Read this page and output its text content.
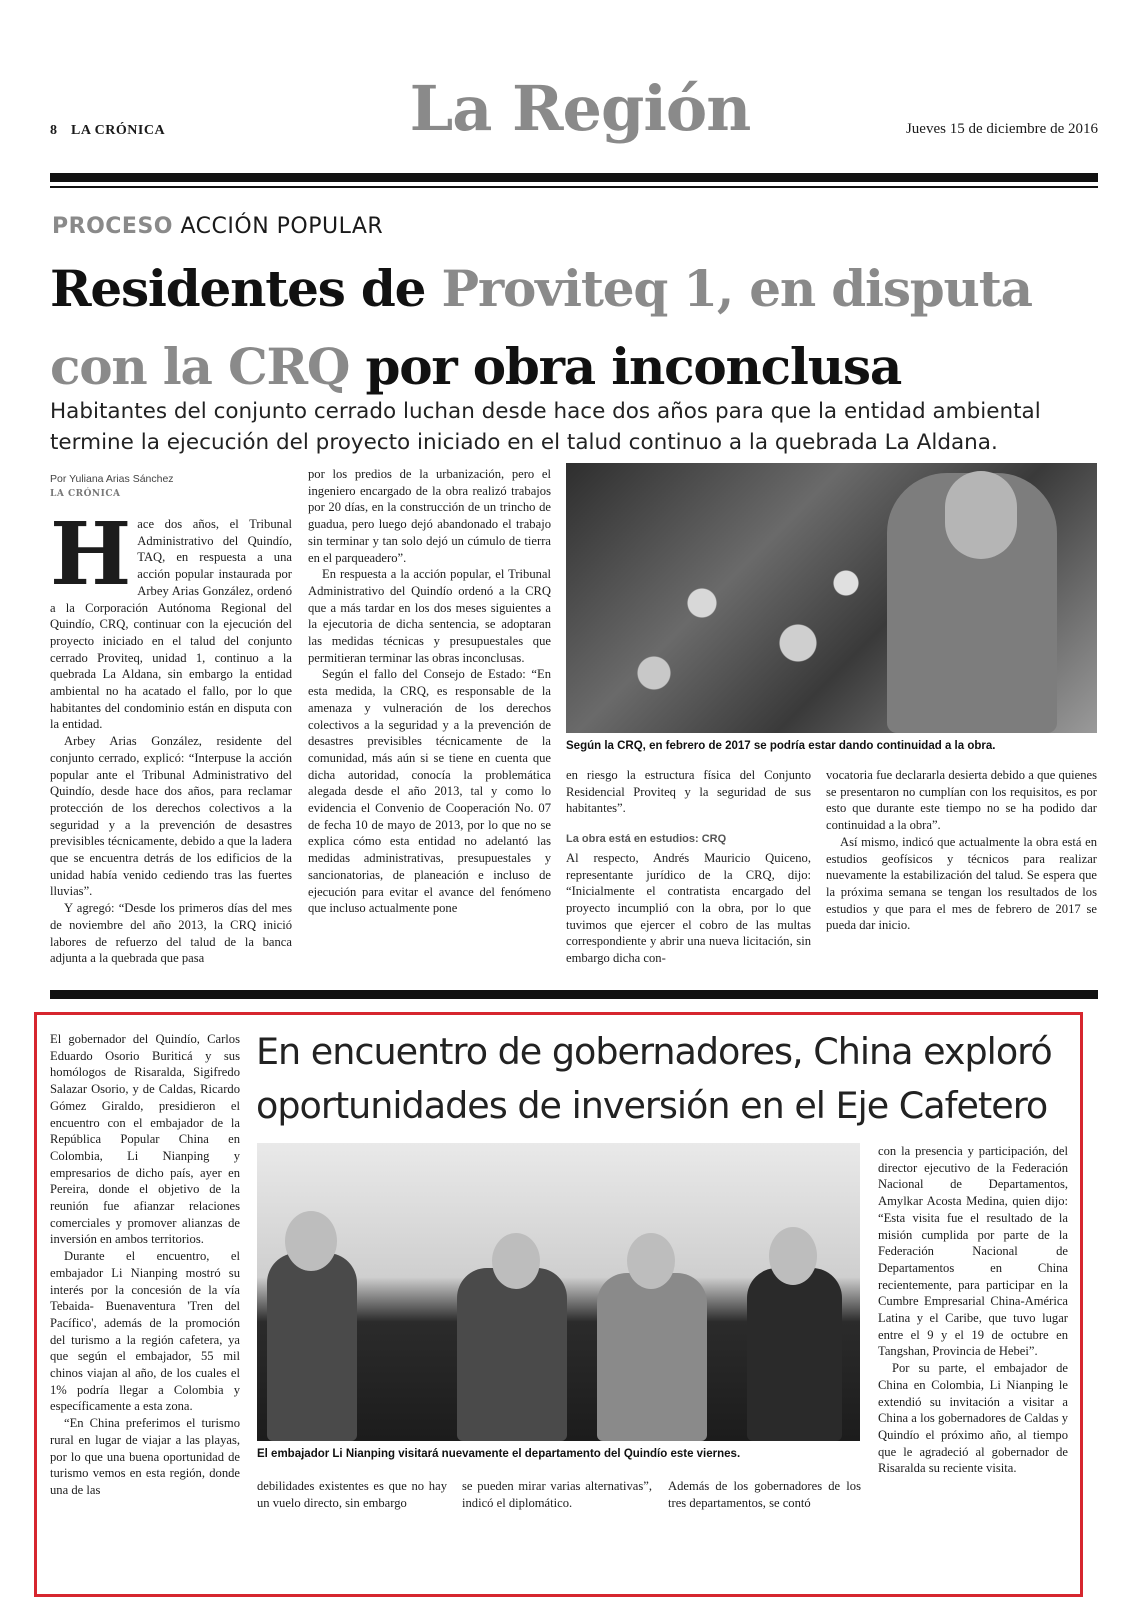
8 LA CRÓNICA	La Región	Jueves 15 de diciembre de 2016
PROCESO ACCIÓN POPULAR
Residentes de Proviteq 1, en disputa
con la CRQ por obra inconclusa
Habitantes del conjunto cerrado luchan desde hace dos años para que la entidad ambiental termine la ejecución del proyecto iniciado en el talud continuo a la quebrada La Aldana.
Por Yuliana Arias Sánchez
LA CRÓNICA
H ace dos años, el Tribunal Administrativo del Quindío, TAQ, en respuesta a una acción popular instaurada por Arbey Arias González, ordenó a la Corporación Autónoma Regional del Quindío, CRQ, continuar con la ejecución del proyecto iniciado en el talud del conjunto cerrado Proviteq, unidad 1, continuo a la quebrada La Aldana, sin embargo la entidad ambiental no ha acatado el fallo, por lo que habitantes del condominio están en disputa con la entidad.

Arbey Arias González, residente del conjunto cerrado, explicó: “Interpuse la acción popular ante el Tribunal Administrativo del Quindío, desde hace dos años, para reclamar protección de los derechos colectivos a la seguridad y a la prevención de desastres previsibles técnicamente, debido a que la ladera que se encuentra detrás de los edificios de la unidad había venido cediendo tras las fuertes lluvias”.

Y agregó: “Desde los primeros días del mes de noviembre del año 2013, la CRQ inició labores de refuerzo del talud de la banca adjunta a la quebrada que pasa

por los predios de la urbanización, pero el ingeniero encargado de la obra realizó trabajos por 20 días, en la construcción de un trincho de guadua, pero luego dejó abandonado el trabajo sin terminar y tan solo dejó un cúmulo de tierra en el parqueadero”.

En respuesta a la acción popular, el Tribunal Administrativo del Quindío ordenó a la CRQ que a más tardar en los dos meses siguientes a la ejecutoria de dicha sentencia, se adoptaran las medidas técnicas y presupuestales que permitieran terminar las obras inconclusas.

Según el fallo del Consejo de Estado: “En esta medida, la CRQ, es responsable de la amenaza y vulneración de los derechos colectivos a la seguridad y a la prevención de desastres previsibles técnicamente de la comunidad, más aún si se tiene en cuenta que dicha autoridad, conocía la problemática alegada desde el año 2013, tal y como lo evidencia el Convenio de Cooperación No. 07 de fecha 10 de mayo de 2013, por lo que no se explica cómo esta entidad no adelantó las medidas administrativas, presupuestales y sancionatorias, de planeación e incluso de ejecución para evitar el avance del fenómeno que incluso actualmente pone

Según la CRQ, en febrero de 2017 se podría estar dando continuidad a la obra.

en riesgo la estructura física del Conjunto Residencial Proviteq y la seguridad de sus habitantes”.

La obra está en estudios: CRQ

Al respecto, Andrés Mauricio Quiceno, representante jurídico de la CRQ, dijo: “Inicialmente el contratista encargado del proyecto incumplió con la obra, por lo que tuvimos que ejercer el cobro de las multas correspondiente y abrir una nueva licitación, sin embargo dicha con-

vocatoria fue declararla desierta debido a que quienes se presentaron no cumplían con los requisitos, es por esto que durante este tiempo no se ha podido dar continuidad a la obra”.

Así mismo, indicó que actualmente la obra está en estudios geofísicos y técnicos para realizar nuevamente la estabilización del talud. Se espera que la próxima semana se tengan los resultados de los estudios y que para el mes de febrero de 2017 se pueda dar inicio.

El gobernador del Quindío, Carlos Eduardo Osorio Buriticá y sus homólogos de Risaralda, Sigifredo Salazar Osorio, y de Caldas, Ricardo Gómez Giraldo, presidieron el encuentro con el embajador de la República Popular China en Colombia, Li Nianping y empresarios de dicho país, ayer en Pereira, donde el objetivo de la reunión fue afianzar relaciones comerciales y promover alianzas de inversión en ambos territorios.

Durante el encuentro, el embajador Li Nianping mostró su interés por la concesión de la vía Tebaida- Buenaventura 'Tren del Pacífico', además de la promoción del turismo a la región cafetera, ya que según el embajador, 55 mil chinos viajan al año, de los cuales el 1% podría llegar a Colombia y específicamente a esta zona.

“En China preferimos el turismo rural en lugar de viajar a las playas, por lo que una buena oportunidad de turismo vemos en esta región, donde una de las

En encuentro de gobernadores, China exploró oportunidades de inversión en el Eje Cafetero
El embajador Li Nianping visitará nuevamente el departamento del Quindío este viernes.

debilidades existentes es que no hay un vuelo directo, sin embargo

se pueden mirar varias alternativas”, indicó el diplomático.

Además de los gobernadores de los tres departamentos, se contó

con la presencia y participación, del director ejecutivo de la Federación Nacional de Departamentos, Amylkar Acosta Medina, quien dijo: “Esta visita fue el resultado de la misión cumplida por parte de la Federación Nacional de Departamentos en China recientemente, para participar en la Cumbre Empresarial China-América Latina y el Caribe, que tuvo lugar entre el 9 y el 19 de octubre en Tangshan, Provincia de Hebei”.

Por su parte, el embajador de China en Colombia, Li Nianping le extendió su invitación a visitar a China a los gobernadores de Caldas y Quindío el próximo año, al tiempo que le agradeció al gobernador de Risaralda su reciente visita.
